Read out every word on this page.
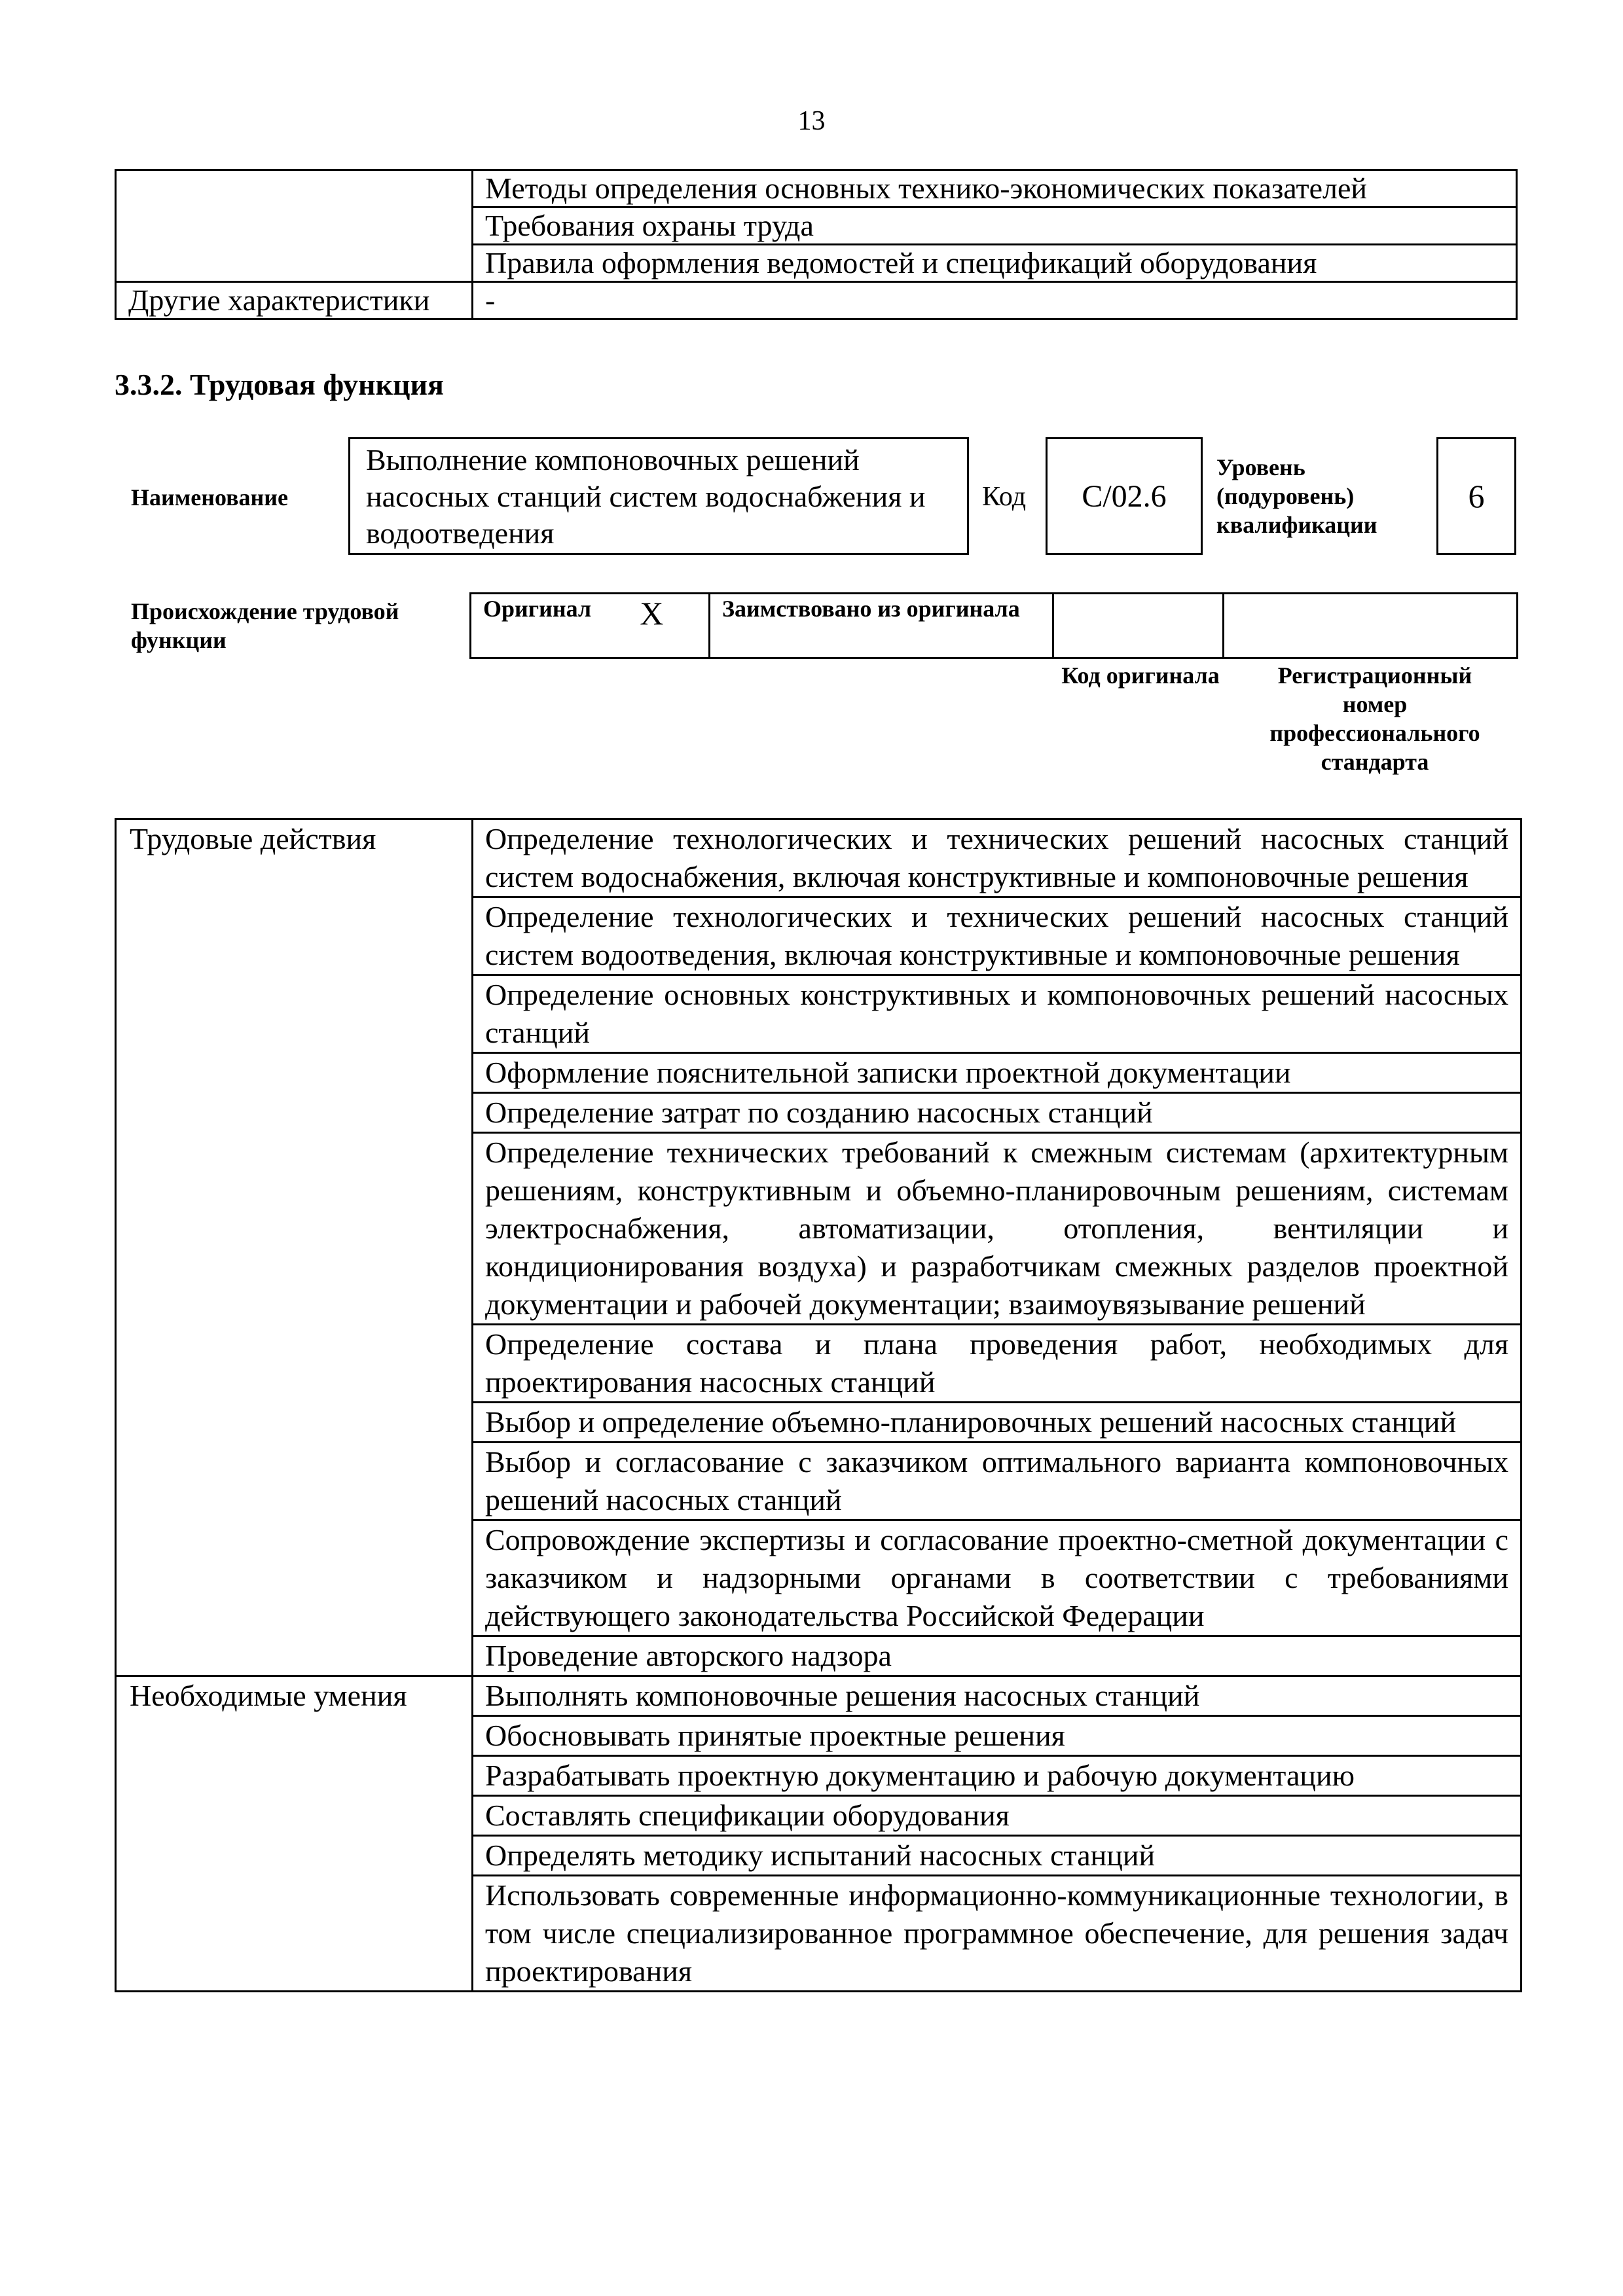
13
	Методы определения основных технико-экономических показателей
	Требования охраны труда
	Правила оформления ведомостей и спецификаций оборудования
Другие характеристики	-
3.3.2. Трудовая функция
Наименование
Выполнение компоновочных решений насосных станций систем водоснабжения и водоотведения
Код	C/02.6
Уровень (подуровень) квалификации
6
Происхождение трудовой функции
Оригинал	X	Заимствовано из оригинала		
Код оригинала	Регистрационный номер профессионального стандарта
Трудовые действия	Определение технологических и технических решений насосных станций систем водоснабжения, включая конструктивные и компоновочные решения
	Определение технологических и технических решений насосных станций систем водоотведения, включая конструктивные и компоновочные решения
	Определение основных конструктивных и компоновочных решений насосных станций
	Оформление пояснительной записки проектной документации
	Определение затрат по созданию насосных станций
	Определение технических требований к смежным системам (архитектурным решениям, конструктивным и объемно-планировочным решениям, системам электроснабжения, автоматизации, отопления, вентиляции и кондиционирования воздуха) и разработчикам смежных разделов проектной документации и рабочей документации; взаимоувязывание решений
	Определение состава и плана проведения работ, необходимых для проектирования насосных станций
	Выбор и определение объемно-планировочных решений насосных станций
	Выбор и согласование с заказчиком оптимального варианта компоновочных решений насосных станций
	Сопровождение экспертизы и согласование проектно-сметной документации с заказчиком и надзорными органами в соответствии с требованиями действующего законодательства Российской Федерации
	Проведение авторского надзора
Необходимые умения	Выполнять компоновочные решения насосных станций
	Обосновывать принятые проектные решения
	Разрабатывать проектную документацию и рабочую документацию
	Составлять спецификации оборудования
	Определять методику испытаний насосных станций
	Использовать современные информационно-коммуникационные технологии, в том числе специализированное программное обеспечение, для решения задач проектирования
